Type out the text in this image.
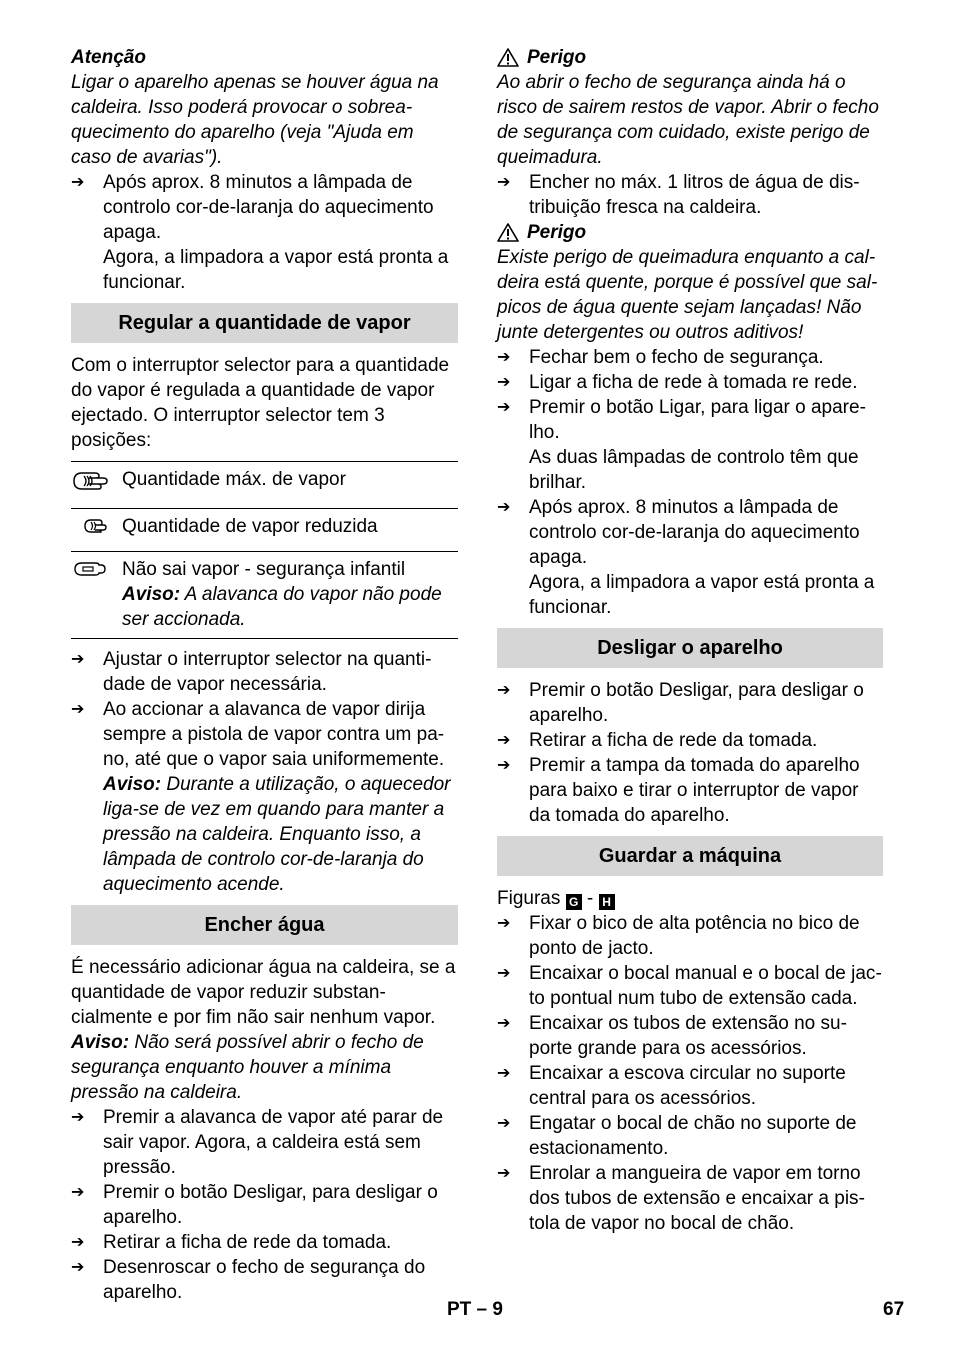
Atenção

Ligar o aparelho apenas se houver água na caldeira. Isso poderá provocar o sobreaquecimento do aparelho (veja "Ajuda em caso de avarias").

➔ Após aprox. 8 minutos a lâmpada de controlo cor-de-laranja do aquecimento apaga.

Agora, a limpadora a vapor está pronta a funcionar.

Regular a quantidade de vapor

Com o interruptor selector para a quantidade do vapor é regulada a quantidade de vapor ejectado. O interruptor selector tem 3 posições:

	Quantidade máx. de vapor
	Quantidade de vapor reduzida

Não sai vapor - segurança infantil
Aviso: A alavanca do vapor não pode ser accionada.
➔ Ajustar o interruptor selector na quantidade de vapor necessária.
➔ Ao accionar a alavanca de vapor dirija sempre a pistola de vapor contra um pano, até que o vapor saia uniformemente.

Aviso: Durante a utilização, o aquecedor liga-se de vez em quando para manter a pressão na caldeira. Enquanto isso, a lâmpada de controlo cor-de-laranja do aquecimento acende.

Encher água

É necessário adicionar água na caldeira, se a quantidade de vapor reduzir substancialmente e por fim não sair nenhum vapor.

Aviso: Não será possível abrir o fecho de segurança enquanto houver a mínima pressão na caldeira.

➔ Premir a alavanca de vapor até parar de sair vapor. Agora, a caldeira está sem pressão.
➔ Premir o botão Desligar, para desligar o aparelho.
➔ Retirar a ficha de rede da tomada.
➔ Desenroscar o fecho de segurança do aparelho.
Perigo

Ao abrir o fecho de segurança ainda há o risco de sairem restos de vapor. Abrir o fecho de segurança com cuidado, existe perigo de queimadura.

➔ Encher no máx. 1 litros de água de distribuição fresca na caldeira.
Perigo

Existe perigo de queimadura enquanto a caldeira está quente, porque é possível que salpicos de água quente sejam lançadas! Não junte detergentes ou outros aditivos!

➔ Fechar bem o fecho de segurança.
➔ Ligar a ficha de rede à tomada re rede.
➔ Premir o botão Ligar, para ligar o aparelho.

As duas lâmpadas de controlo têm que brilhar.

➔ Após aprox. 8 minutos a lâmpada de controlo cor-de-laranja do aquecimento apaga.

Agora, a limpadora a vapor está pronta a funcionar.

Desligar o aparelho
➔ Premir o botão Desligar, para desligar o aparelho.
➔ Retirar a ficha de rede da tomada.
➔ Premir a tampa da tomada do aparelho para baixo e tirar o interruptor de vapor da tomada do aparelho.
Guardar a máquina

Figuras G - H

➔ Fixar o bico de alta potência no bico de ponto de jacto.
➔ Encaixar o bocal manual e o bocal de jacto pontual num tubo de extensão cada.
➔ Encaixar os tubos de extensão no suporte grande para os acessórios.
➔ Encaixar a escova circular no suporte central para os acessórios.
➔ Engatar o bocal de chão no suporte de estacionamento.
➔ Enrolar a mangueira de vapor em torno dos tubos de extensão e encaixar a pistola de vapor no bocal de chão.
PT – 9	67
